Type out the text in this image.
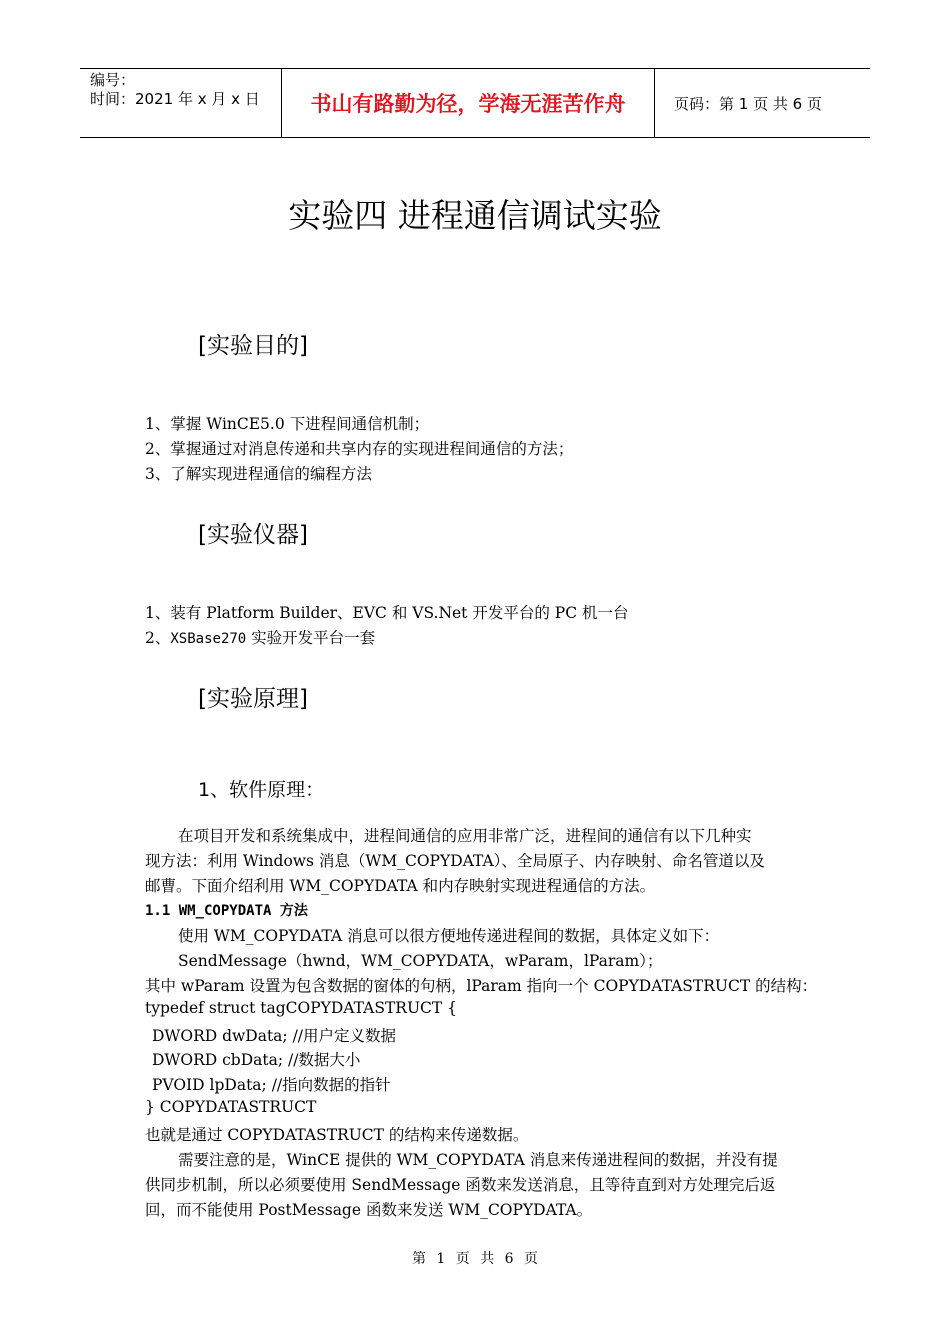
编号：
时间：2021 年 x 月 x 日	书山有路勤为径，学海无涯苦作舟	页码：第 1 页 共 6 页
实验四 进程通信调试实验
[实验目的]
1、掌握 WinCE5.0 下进程间通信机制；
2、掌握通过对消息传递和共享内存的实现进程间通信的方法；
3、了解实现进程通信的编程方法
[实验仪器]
1、装有 Platform Builder、EVC 和 VS.Net 开发平台的 PC 机一台
2、XSBase270 实验开发平台一套
[实验原理]
1、软件原理：
在项目开发和系统集成中，进程间通信的应用非常广泛，进程间的通信有以下几种实
现方法：利用 Windows 消息（WM_COPYDATA）、全局原子、内存映射、命名管道以及
邮曹。下面介绍利用 WM_COPYDATA 和内存映射实现进程通信的方法。
1.1 WM_COPYDATA 方法
使用 WM_COPYDATA 消息可以很方便地传递进程间的数据，具体定义如下：
SendMessage（hwnd，WM_COPYDATA，wParam，lParam）；
其中 wParam 设置为包含数据的窗体的句柄，lParam 指向一个 COPYDATASTRUCT 的结构：
typedef struct tagCOPYDATASTRUCT {
DWORD dwData; //用户定义数据
DWORD cbData; //数据大小
PVOID lpData; //指向数据的指针
} COPYDATASTRUCT
也就是通过 COPYDATASTRUCT 的结构来传递数据。
需要注意的是，WinCE 提供的 WM_COPYDATA 消息来传递进程间的数据，并没有提
供同步机制，所以必须要使用 SendMessage 函数来发送消息，且等待直到对方处理完后返
回，而不能使用 PostMessage 函数来发送 WM_COPYDATA。
第 1 页 共 6 页
